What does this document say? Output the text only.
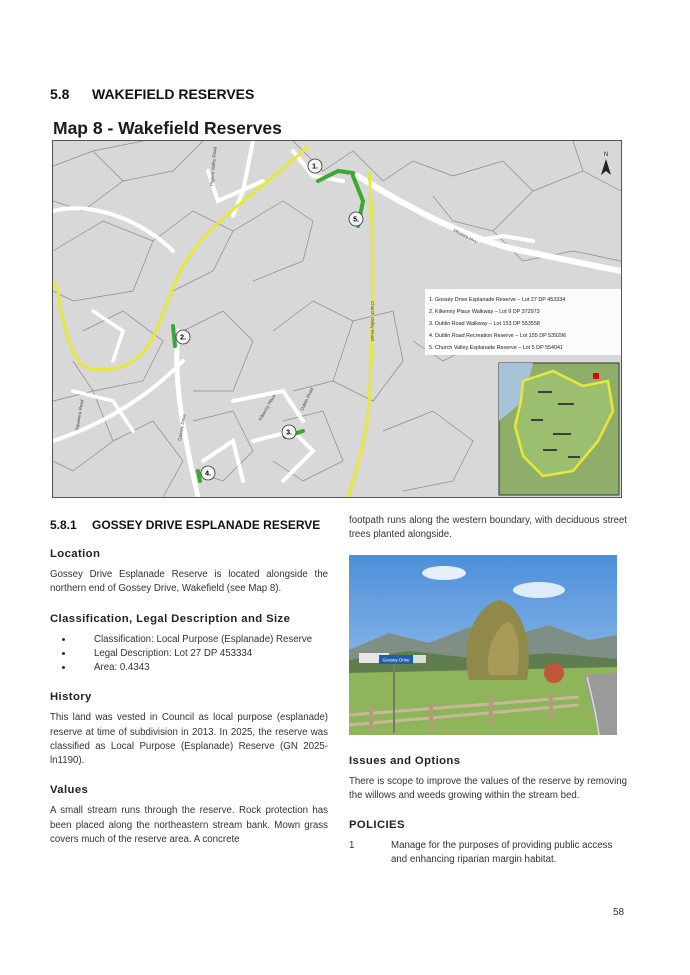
5.8 WAKEFIELD RESERVES
Map 8 - Wakefield Reserves
1.
2.
3.
4.
5.
Gossey Drive
Kilkenny Place	Dublin Road
Church Valley Road
Moutere Hwy
Tapawera Road
Pigeon Valley Road	N
1. Gossey Drive Esplanade Reserve – Lot 27 DP 453334
2. Kilkenny Place Walkway – Lot 9 DP 372973
3. Dublin Road Walkway – Lot 153 DP 553558
4. Dublin Road Recreation Reserve – Lot 155 DP 539296
5. Church Valley Esplanade Reserve – Lot 5 DP 554041
5.8.1 GOSSEY DRIVE ESPLANADE RESERVE
Location

Gossey Drive Esplanade Reserve is located alongside the northern end of Gossey Drive, Wakefield (see Map 8).

Classification, Legal Description and Size
• Classification: Local Purpose (Esplanade) Reserve
• Legal Description: Lot 27 DP 453334
• Area: 0.4343
History

This land was vested in Council as local purpose (esplanade) reserve at time of subdivision in 2013. In 2025, the reserve was classified as Local Purpose (Esplanade) Reserve (GN 2025-ln1190).

Values

A small stream runs through the reserve. Rock protection has been placed along the northeastern stream bank. Mown grass covers much of the reserve area. A concrete

footpath runs along the western boundary, with deciduous street trees planted alongside.

Gossey Drive
Issues and Options

There is scope to improve the values of the reserve by removing the willows and weeds growing within the stream bed.

POLICIES
1	Manage for the purposes of providing public access and enhancing riparian margin habitat.
58
